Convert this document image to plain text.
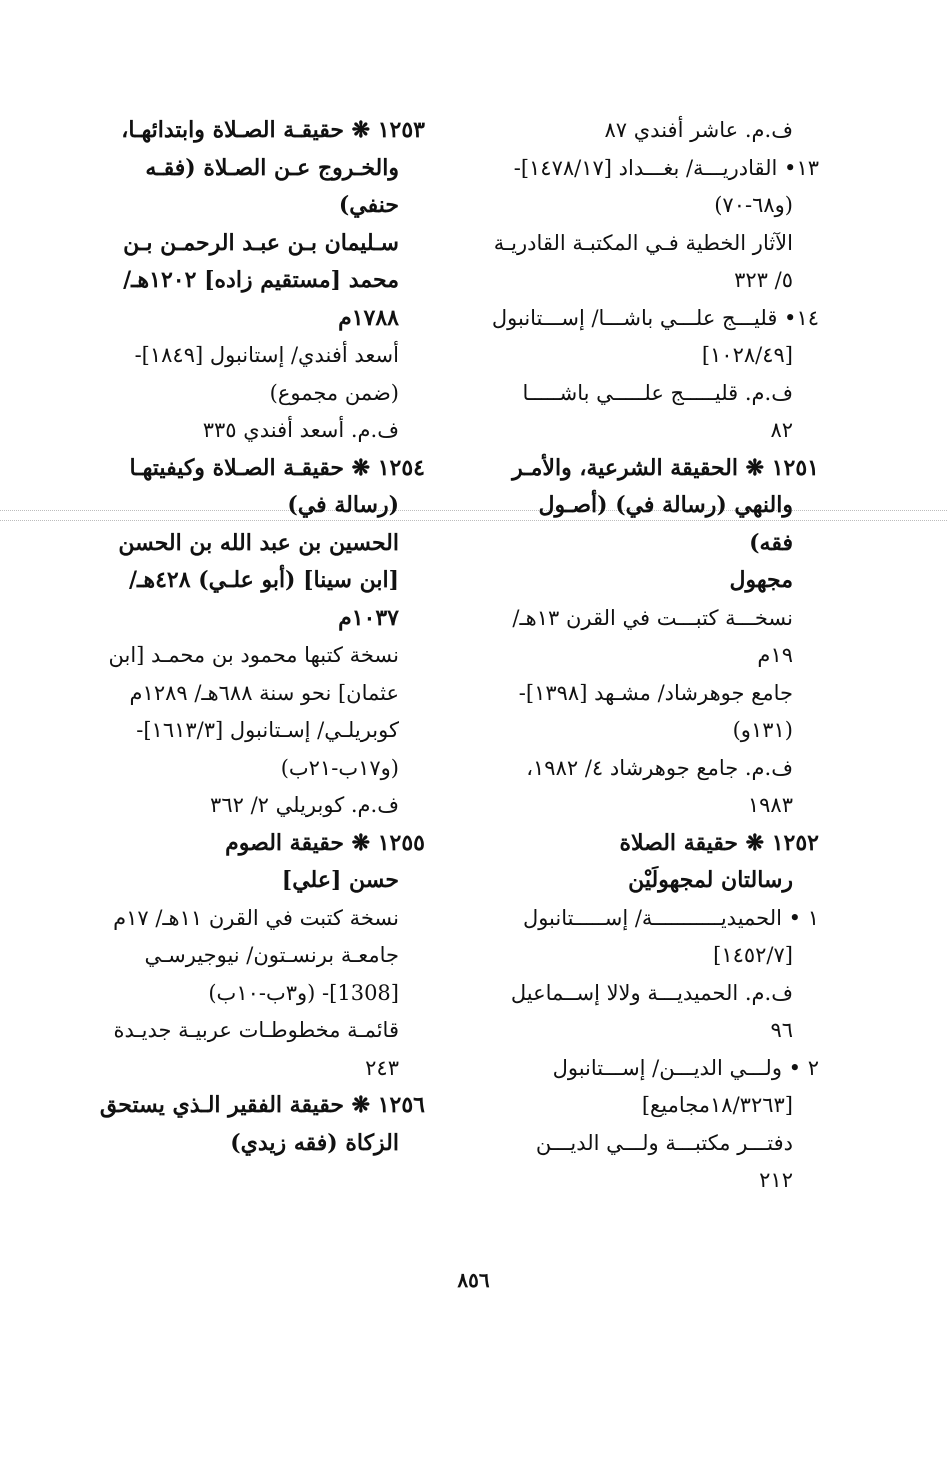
ف.م. عاشر أفندي ٨٧
١٣• القادريـــة/ بغـــداد [١٤٧٨/١٧]-
(و٦٨-٧٠)
الآثار الخطية فـي المكتبـة القادريـة
٥/ ٣٢٣
١٤• قليـــج علـــي باشـــا/ إســـتانبول
[١٠٢٨/٤٩]
ف.م. قليـــــج علـــــي باشـــــا
٨٢
١٢٥١ ❋ الحقيقة الشرعية، والأمـر
والنهي (رسالة في) (أصـول
فقه)
مجهول
نسخـــة كتبـــت في القرن ١٣هـ/
١٩م
جامع جوهرشاد/ مشـهد [١٣٩٨]-
(١٣١و)
ف.م. جامع جوهرشاد ٤/ ١٩٨٢،
١٩٨٣
١٢٥٢ ❋ حقيقة الصلاة
رسالتان لمجهولَيْن
١ • الحميديـــــــــــة/ إســـــتانبول
[١٤٥٢/٧]
ف.م. الحميديـــة ولالا إســماعيل
٩٦
٢ • ولـــي الديـــن/ إســـتانبول
[١٨/٣٢٦٣مجاميع]
دفتـــر مكتبـــة ولـــي الديـــن
٢١٢
١٢٥٣ ❋ حقيقـة الصـلاة وابتدائهـا،
والخـروج عـن الصـلاة (فقـه
حنفي)
سـليمان بـن عبـد الرحمـن بـن
محمد [مستقيم زاده] ١٢٠٢هـ/
١٧٨٨م
أسعد أفندي/ إستانبول [١٨٤٩]-
(ضمن مجموع)
ف.م. أسعد أفندي ٣٣٥
١٢٥٤ ❋ حقيقـة الصـلاة وكيفيتهـا
(رسالة في)
الحسين بن عبد الله بن الحسن
[ابن سينا] (أبو علـي) ٤٢٨هـ/
١٠٣٧م
نسخة كتبها محمود بن محمـد [ابن
عثمان] نحو سنة ٦٨٨هـ/ ١٢٨٩م
كوبريلـي/ إسـتانبول [١٦١٣/٣]-
(و١٧ب-٢١ب)
ف.م. كوبريلي ٢/ ٣٦٢
١٢٥٥ ❋ حقيقة الصوم
حسن [علي]
نسخة كتبت في القرن ١١هـ/ ١٧م
جامعـة برنسـتون/ نيوجيرسـي
[1308]- (و٣ب-١٠ب)
قائمـة مخطوطـات عربيـة جديـدة
٢٤٣
١٢٥٦ ❋ حقيقة الفقير الـذي يستحق
الزكاة (فقه زيدي)
٨٥٦
